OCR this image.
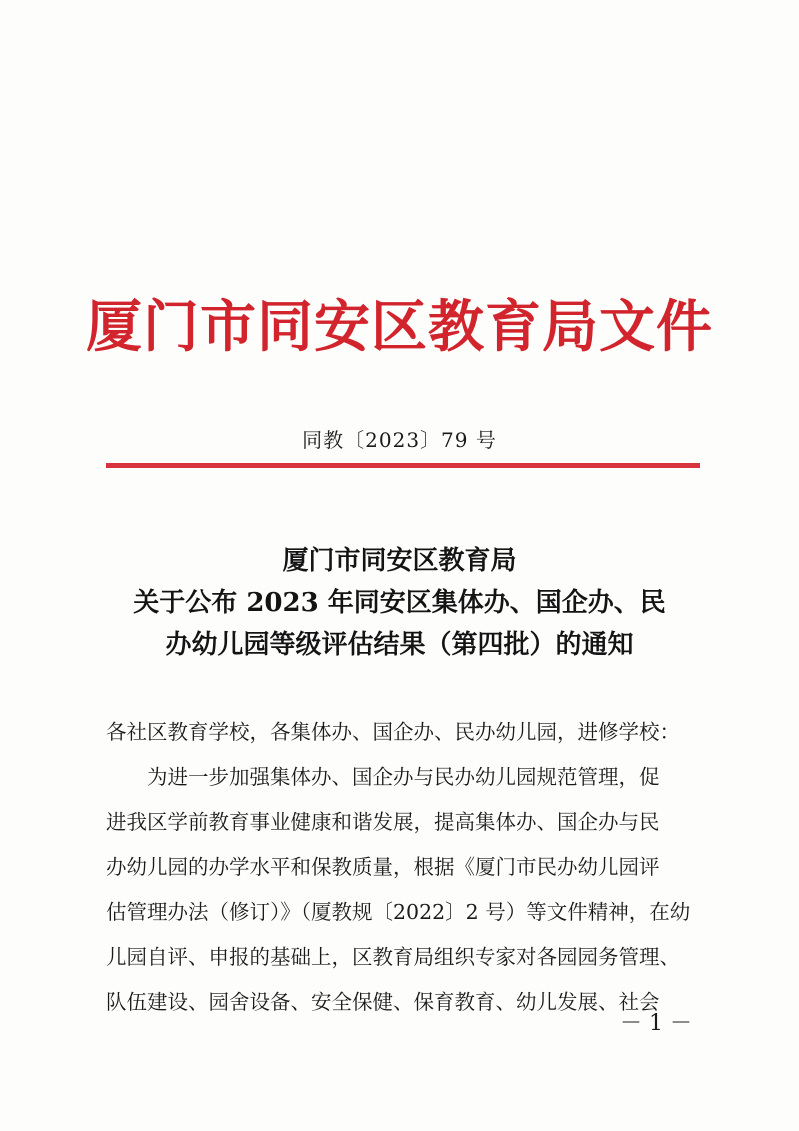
厦门市同安区教育局文件
同教〔2023〕79 号
厦门市同安区教育局
关于公布 2023 年同安区集体办、国企办、民
办幼儿园等级评估结果（第四批）的通知

各社区教育学校，各集体办、国企办、民办幼儿园，进修学校：

为进一步加强集体办、国企办与民办幼儿园规范管理，促

进我区学前教育事业健康和谐发展，提高集体办、国企办与民

办幼儿园的办学水平和保教质量，根据《厦门市民办幼儿园评

估管理办法（修订）》（厦教规〔2022〕2 号）等文件精神，在幼

儿园自评、申报的基础上，区教育局组织专家对各园园务管理、

队伍建设、园舍设备、安全保健、保育教育、幼儿发展、社会

－ 1 －
